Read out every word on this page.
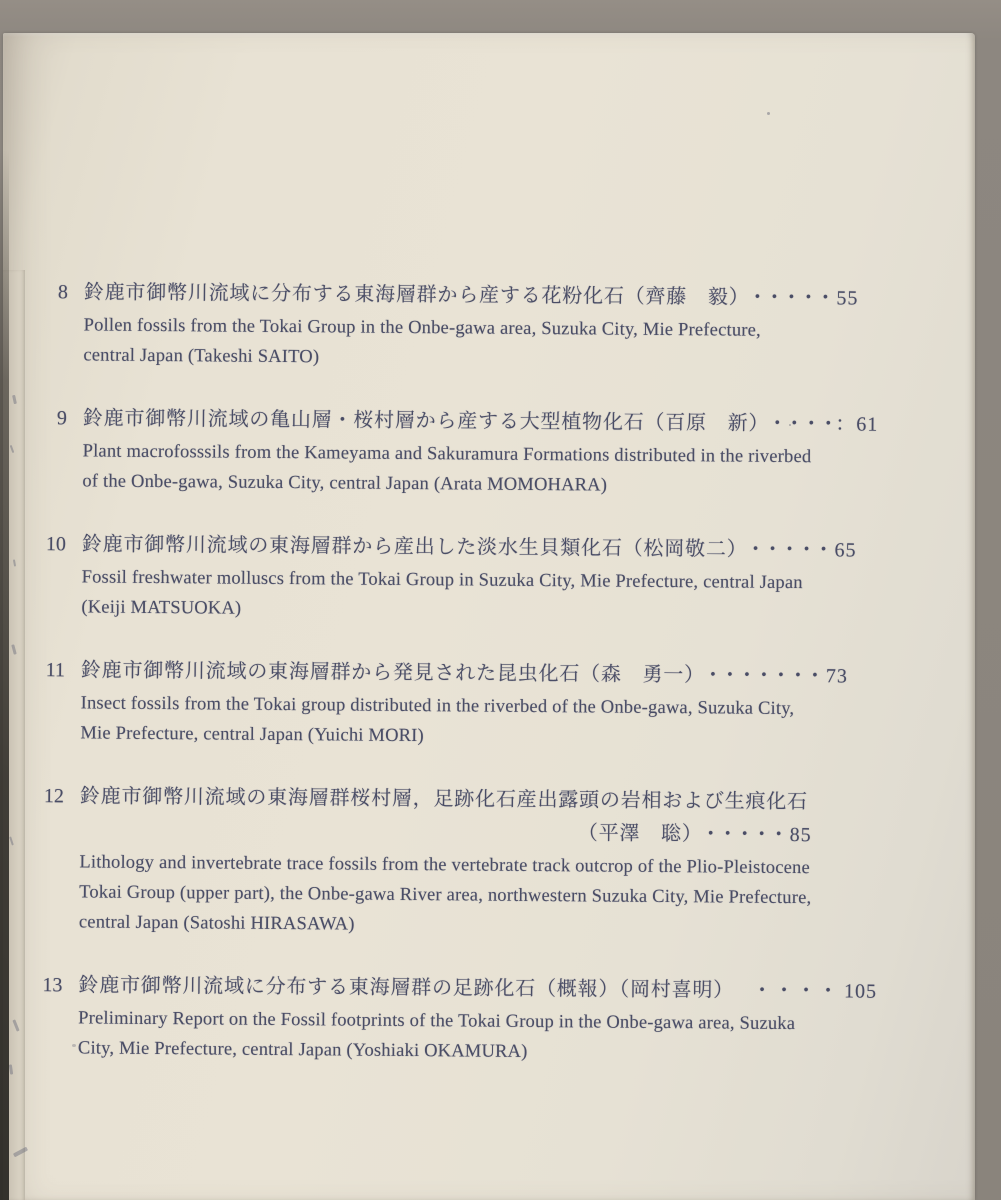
8 鈴鹿市御幣川流域に分布する東海層群から産する花粉化石（齊藤　毅） ・・・・・ 55
Pollen fossils from the Tokai Group in the Onbe-gawa area, Suzuka City, Mie Prefecture, central Japan (Takeshi SAITO)
9 鈴鹿市御幣川流域の亀山層・桜村層から産する大型植物化石（百原　新） ・・・・： 61
Plant macrofosssils from the Kameyama and Sakuramura Formations distributed in the riverbed of the Onbe-gawa, Suzuka City, central Japan (Arata MOMOHARA)
10 鈴鹿市御幣川流域の東海層群から産出した淡水生貝類化石（松岡敬二） ・・・・・ 65
Fossil freshwater molluscs from the Tokai Group in Suzuka City, Mie Prefecture, central Japan (Keiji MATSUOKA)
11 鈴鹿市御幣川流域の東海層群から発見された昆虫化石（森　勇一） ・・・・・・・ 73
Insect fossils from the Tokai group distributed in the riverbed of the Onbe-gawa, Suzuka City, Mie Prefecture, central Japan (Yuichi MORI)
12 鈴鹿市御幣川流域の東海層群桜村層，足跡化石産出露頭の岩相および生痕化石
（平澤　聡） ・・・・・ 85
Lithology and invertebrate trace fossils from the vertebrate track outcrop of the Plio-Pleistocene Tokai Group (upper part), the Onbe-gawa River area, northwestern Suzuka City, Mie Prefecture, central Japan (Satoshi HIRASAWA)
13 鈴鹿市御幣川流域に分布する東海層群の足跡化石（概報）（岡村喜明） ・・・・ 105
Preliminary Report on the Fossil footprints of the Tokai Group in the Onbe-gawa area, Suzuka City, Mie Prefecture, central Japan (Yoshiaki OKAMURA)
